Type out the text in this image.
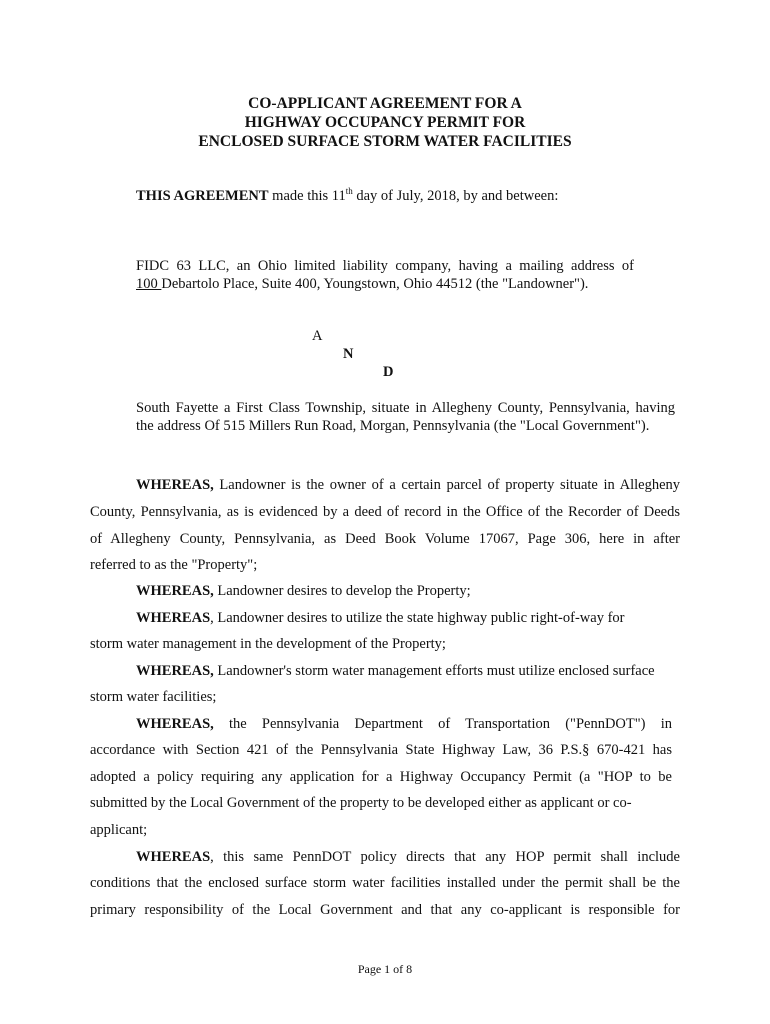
CO-APPLICANT AGREEMENT FOR A
HIGHWAY OCCUPANCY PERMIT FOR
ENCLOSED SURFACE STORM WATER FACILITIES
THIS AGREEMENT made this 11th day of July, 2018, by and between:
FIDC 63 LLC, an Ohio limited liability company, having a mailing address of
100 Debartolo Place, Suite 400, Youngstown, Ohio 44512 (the "Landowner").
A
N
D
South Fayette a First Class Township, situate in Allegheny County, Pennsylvania, having
the address Of 515 Millers Run Road, Morgan, Pennsylvania (the "Local Government").
WHEREAS, Landowner is the owner of a certain parcel of property situate in Allegheny
County, Pennsylvania, as is evidenced by a deed of record in the Office of the Recorder of Deeds
of Allegheny County, Pennsylvania, as Deed Book Volume 17067, Page 306, here in after
referred to as the "Property";
WHEREAS, Landowner desires to develop the Property;
WHEREAS, Landowner desires to utilize the state highway public right-of-way for
storm water management in the development of the Property;
WHEREAS, Landowner's storm water management efforts must utilize enclosed surface
storm water facilities;
WHEREAS, the Pennsylvania Department of Transportation ("PennDOT") in
accordance with Section 421 of the Pennsylvania State Highway Law, 36 P.S.§ 670-421 has
adopted a policy requiring any application for a Highway Occupancy Permit (a "HOP to be
submitted by the Local Government of the property to be developed either as applicant or co-
applicant;
WHEREAS, this same PennDOT policy directs that any HOP permit shall include
conditions that the enclosed surface storm water facilities installed under the permit shall be the
primary responsibility of the Local Government and that any co-applicant is responsible for
Page 1 of 8
